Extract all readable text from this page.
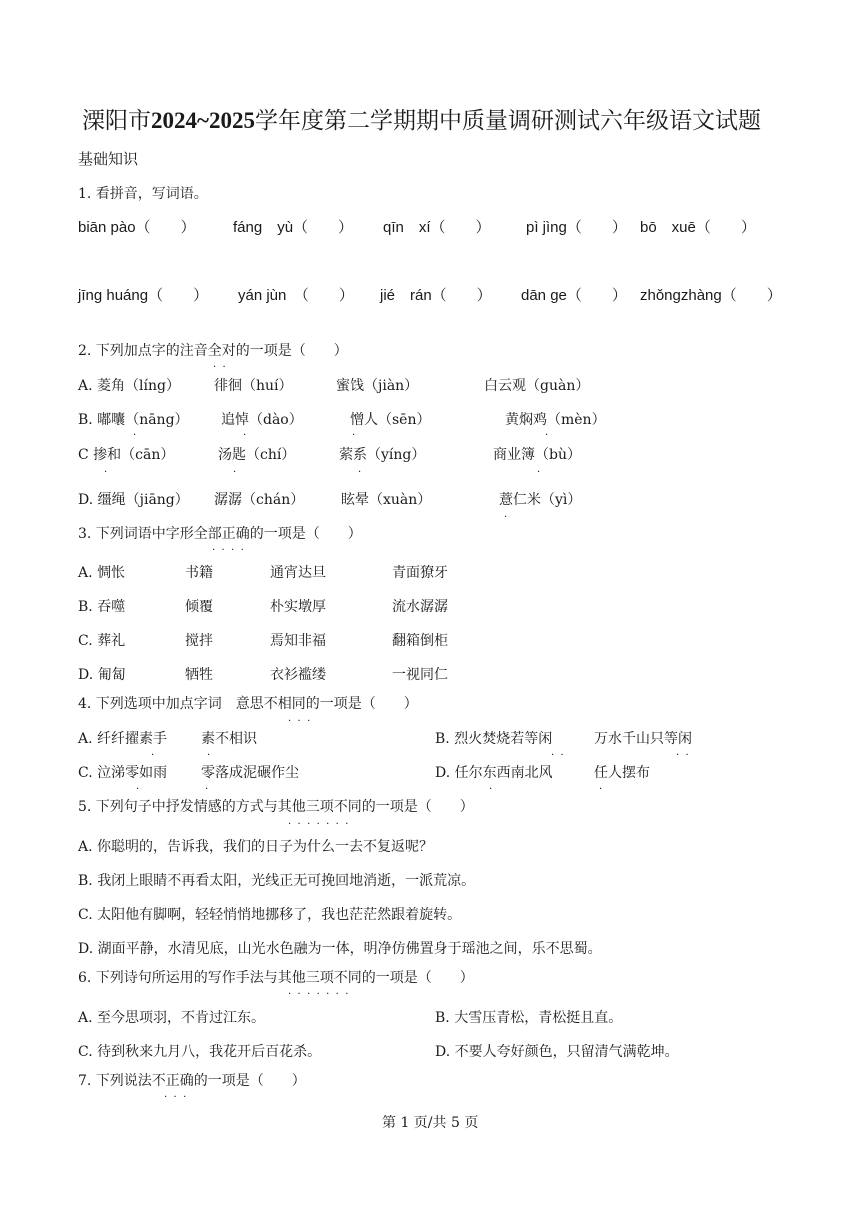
溧阳市2024~2025学年度第二学期期中质量调研测试六年级语文试题
基础知识
1. 看拼音，写词语。
biān pào（　　） fáng　yù（　　） qīn　xí（　　） pì jìng（　　） bō　xuē（　　）
jīng huáng（　　） yán jùn　（　　） jié　rán（　　） dān ge（　　） zhǒngzhàng（　　）
2. 下列加点字的注音全对的一项是（　　）
·  ·
A. 菱角（líng） 徘徊（huí）	蜜饯（jiàn）	白云观（guàn）
B. 嘟囔（nāng） 追悼（dào）	憎人（sēn）	黄焖鸡（mèn）
·	·	·	·
C 掺和（cān）	汤匙（chí）	萦系（yíng）	商业簿（bù）
·	·	·	·
D. 缰绳（jiāng） 潺潺（chán）	眩晕（xuàn）	薏仁米（yì）
·
3. 下列词语中字形全部正确的一项是（　　）
·  ·  ·  ·
A. 惆怅	书籍	通宵达旦	青面獠牙
B. 吞噬	倾覆	朴实墩厚	流水潺潺
C. 葬礼	搅拌	焉知非福	翻箱倒柜
D. 匍匐	牺牲	衣衫褴缕	一视同仁
4. 下列选项中加点字词　意思不相同的一项是（　　）
·  ·  ·
A. 纤纤擢素手 素不相识	B. 烈火焚烧若等闲	万水千山只等闲
·	·	·  ·	·  ·
C. 泣涕零如雨 零落成泥碾作尘	D. 任尔东西南北风	任人摆布
·	·	·	·
5. 下列句子中抒发情感的方式与其他三项不同的一项是（　　）
·  ·  ·  ·  ·  ·  ·
A. 你聪明的，告诉我，我们的日子为什么一去不复返呢？
B. 我闭上眼睛不再看太阳，光线正无可挽回地消逝，一派荒凉。
C. 太阳他有脚啊，轻轻悄悄地挪移了，我也茫茫然跟着旋转。
D. 湖面平静，水清见底，山光水色融为一体，明净仿佛置身于瑶池之间，乐不思蜀。
6. 下列诗句所运用的写作手法与其他三项不同的一项是（　　）
·  ·  ·  ·  ·  ·  ·
A. 至今思项羽，不肯过江东。	B. 大雪压青松，青松挺且直。
C. 待到秋来九月八，我花开后百花杀。	D. 不要人夸好颜色，只留清气满乾坤。
7. 下列说法不正确的一项是（　　）
·  ·  ·
第 1 页/共 5 页
